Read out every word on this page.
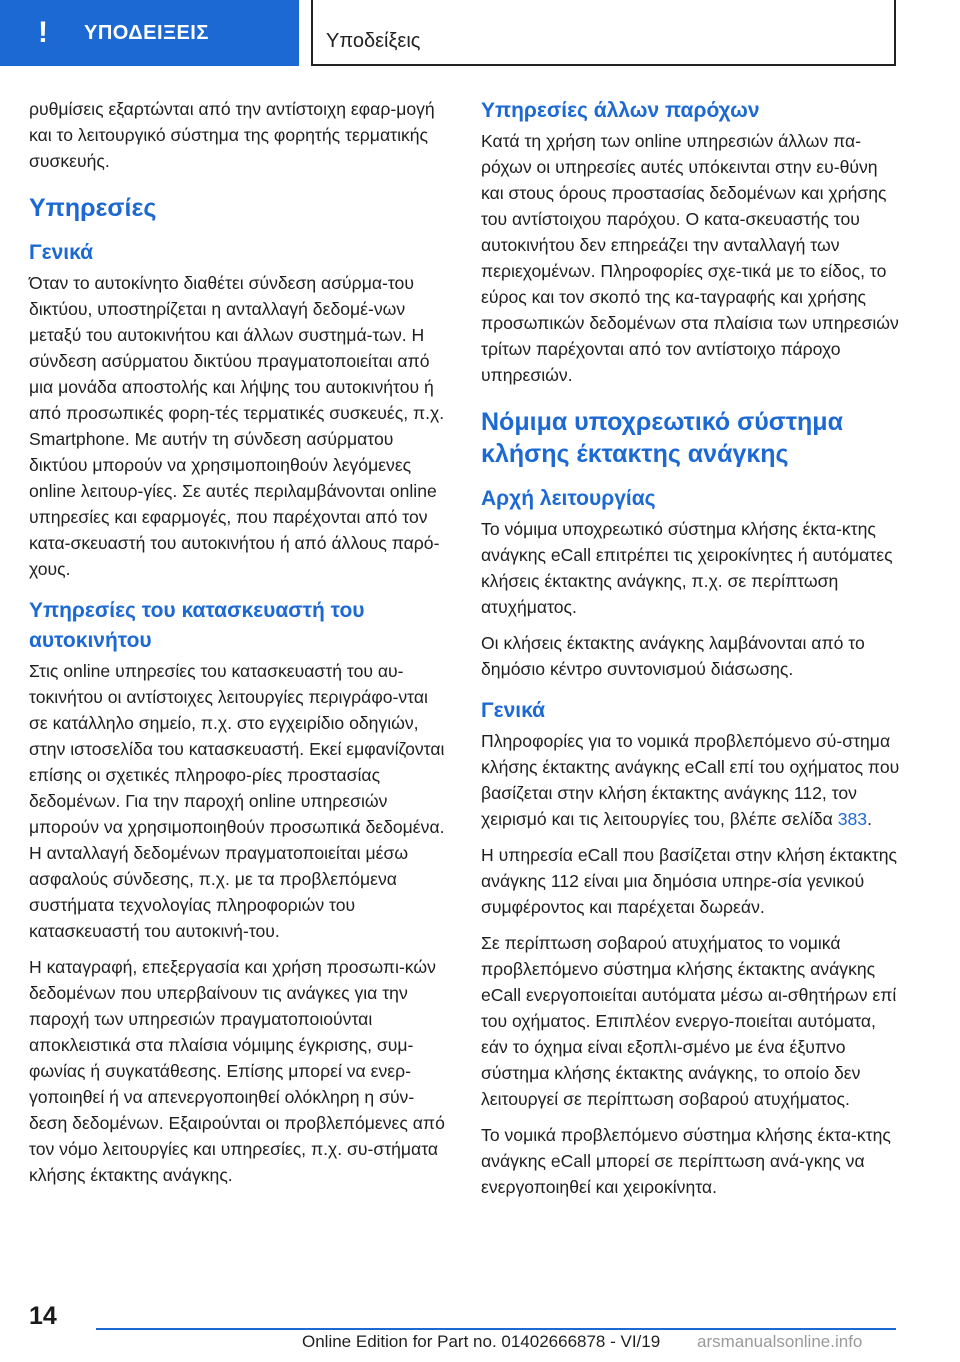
!	ΥΠΟΔΕΙΞΕΙΣ	Υποδείξεις

ρυθμίσεις εξαρτώνται από την αντίστοιχη εφαρ-μογή και το λειτουργικό σύστημα της φορητής τερματικής συσκευής.

Υπηρεσίες
Γενικά

Όταν το αυτοκίνητο διαθέτει σύνδεση ασύρμα-του δικτύου, υποστηρίζεται η ανταλλαγή δεδομέ-νων μεταξύ του αυτοκινήτου και άλλων συστημά-των. Η σύνδεση ασύρματου δικτύου πραγματοποιείται από μια μονάδα αποστολής και λήψης του αυτοκινήτου ή από προσωπικές φορη-τές τερματικές συσκευές, π.χ. Smartphone. Με αυτήν τη σύνδεση ασύρματου δικτύου μπορούν να χρησιμοποιηθούν λεγόμενες online λειτουρ-γίες. Σε αυτές περιλαμβάνονται online υπηρεσίες και εφαρμογές, που παρέχονται από τον κατα-σκευαστή του αυτοκινήτου ή από άλλους παρό-χους.

Υπηρεσίες του κατασκευαστή του αυτοκινήτου

Στις online υπηρεσίες του κατασκευαστή του αυ-τοκινήτου οι αντίστοιχες λειτουργίες περιγράφο-νται σε κατάλληλο σημείο, π.χ. στο εγχειρίδιο οδηγιών, στην ιστοσελίδα του κατασκευαστή. Εκεί εμφανίζονται επίσης οι σχετικές πληροφο-ρίες προστασίας δεδομένων. Για την παροχή online υπηρεσιών μπορούν να χρησιμοποιηθούν προσωπικά δεδομένα. Η ανταλλαγή δεδομένων πραγματοποιείται μέσω ασφαλούς σύνδεσης, π.χ. με τα προβλεπόμενα συστήματα τεχνολογίας πληροφοριών του κατασκευαστή του αυτοκινή-του.

Η καταγραφή, επεξεργασία και χρήση προσωπι-κών δεδομένων που υπερβαίνουν τις ανάγκες για την παροχή των υπηρεσιών πραγματοποιούνται αποκλειστικά στα πλαίσια νόμιμης έγκρισης, συμ-φωνίας ή συγκατάθεσης. Επίσης μπορεί να ενερ-γοποιηθεί ή να απενεργοποιηθεί ολόκληρη η σύν-δεση δεδομένων. Εξαιρούνται οι προβλεπόμενες από τον νόμο λειτουργίες και υπηρεσίες, π.χ. συ-στήματα κλήσης έκτακτης ανάγκης.

Υπηρεσίες άλλων παρόχων

Κατά τη χρήση των online υπηρεσιών άλλων πα-ρόχων οι υπηρεσίες αυτές υπόκεινται στην ευ-θύνη και στους όρους προστασίας δεδομένων και χρήσης του αντίστοιχου παρόχου. Ο κατα-σκευαστής του αυτοκινήτου δεν επηρεάζει την ανταλλαγή των περιεχομένων. Πληροφορίες σχε-τικά με το είδος, το εύρος και τον σκοπό της κα-ταγραφής και χρήσης προσωπικών δεδομένων στα πλαίσια των υπηρεσιών τρίτων παρέχονται από τον αντίστοιχο πάροχο υπηρεσιών.

Νόμιμα υποχρεωτικό σύστημα κλήσης έκτακτης ανάγκης
Αρχή λειτουργίας

Το νόμιμα υποχρεωτικό σύστημα κλήσης έκτα-κτης ανάγκης eCall επιτρέπει τις χειροκίνητες ή αυτόματες κλήσεις έκτακτης ανάγκης, π.χ. σε περίπτωση ατυχήματος.

Οι κλήσεις έκτακτης ανάγκης λαμβάνονται από το δημόσιο κέντρο συντονισμού διάσωσης.

Γενικά

Πληροφορίες για το νομικά προβλεπόμενο σύ-στημα κλήσης έκτακτης ανάγκης eCall επί του οχήματος που βασίζεται στην κλήση έκτακτης ανάγκης 112, τον χειρισμό και τις λειτουργίες του, βλέπε σελίδα 383.

Η υπηρεσία eCall που βασίζεται στην κλήση έκτακτης ανάγκης 112 είναι μια δημόσια υπηρε-σία γενικού συμφέροντος και παρέχεται δωρεάν.

Σε περίπτωση σοβαρού ατυχήματος το νομικά προβλεπόμενο σύστημα κλήσης έκτακτης ανάγκης eCall ενεργοποιείται αυτόματα μέσω αι-σθητήρων επί του οχήματος. Επιπλέον ενεργο-ποιείται αυτόματα, εάν το όχημα είναι εξοπλι-σμένο με ένα έξυπνο σύστημα κλήσης έκτακτης ανάγκης, το οποίο δεν λειτουργεί σε περίπτωση σοβαρού ατυχήματος.

Το νομικά προβλεπόμενο σύστημα κλήσης έκτα-κτης ανάγκης eCall μπορεί σε περίπτωση ανά-γκης να ενεργοποιηθεί και χειροκίνητα.

14
Online Edition for Part no. 01402666878 - VI/19 arsmanualsonline.info
